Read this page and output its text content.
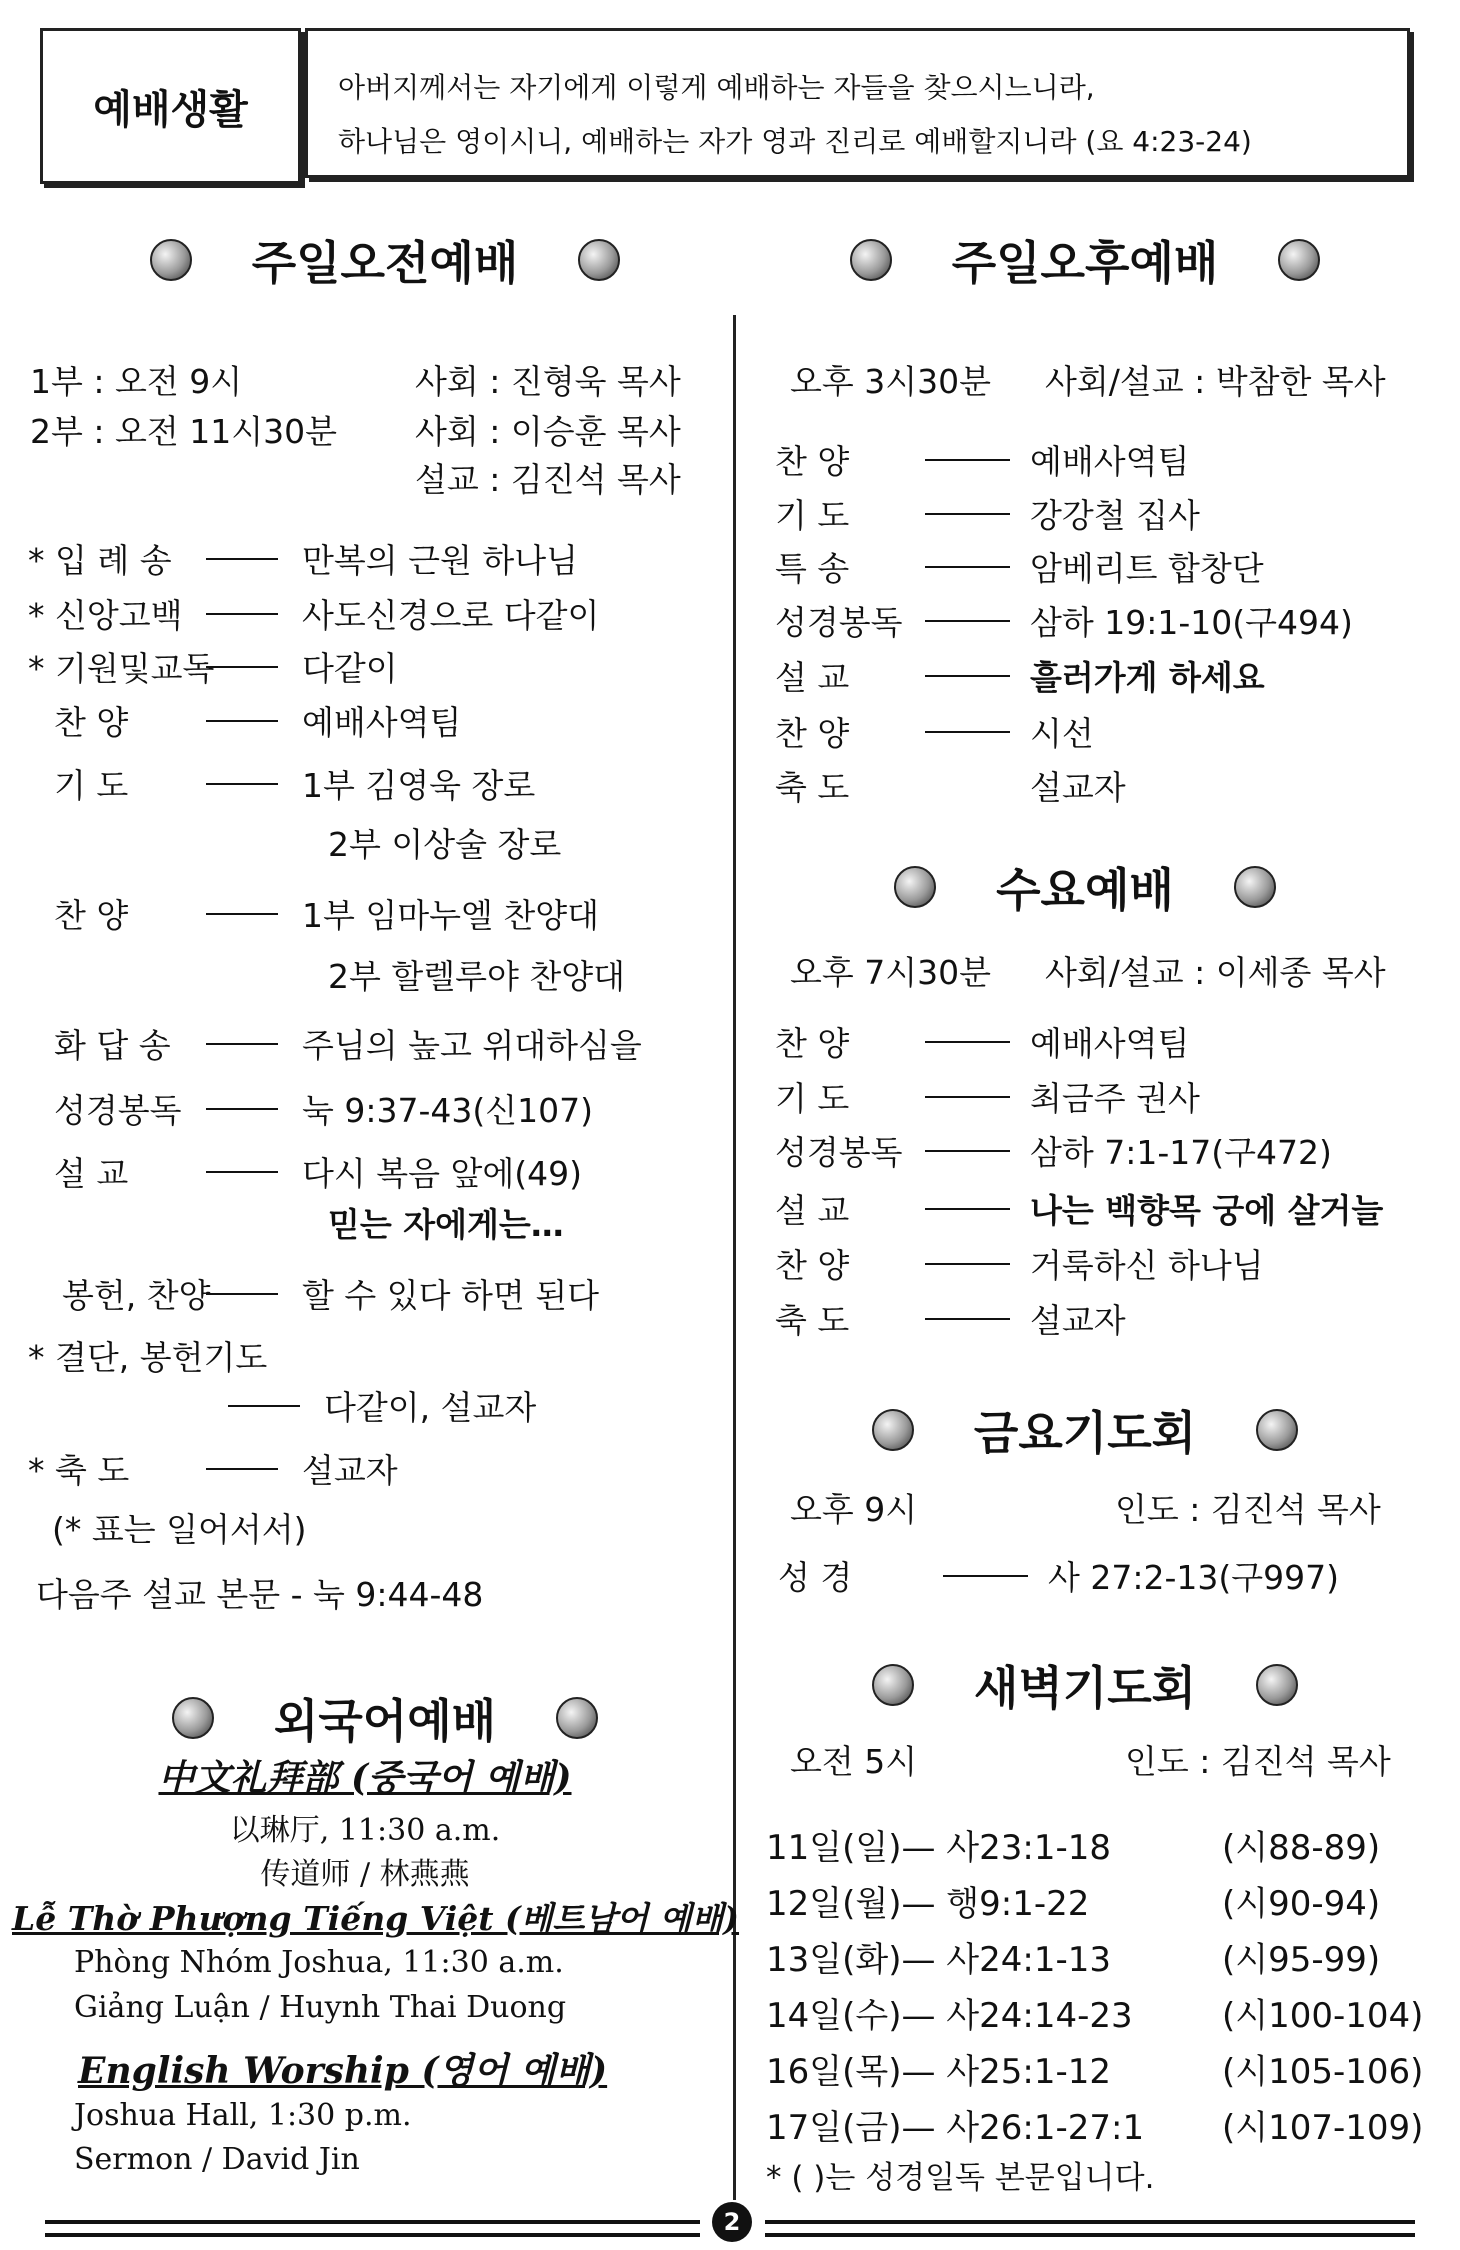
예배생활	아버지께서는 자기에게 이렇게 예배하는 자들을 찾으시느니라,
하나님은 영이시니, 예배하는 자가 영과 진리로 예배할지니라 (요 4:23-24)
주일오전예배
1부 : 오전 9시	사회 : 진형욱 목사
2부 : 오전 11시30분 사회 : 이승훈 목사
설교 : 김진석 목사
* 입 례 송	만복의 근원 하나님
* 신앙고백	사도신경으로 다같이
* 기원및교독	다같이
찬 양	예배사역팀
기 도	1부 김영욱 장로
2부 이상술 장로
찬 양	1부 임마누엘 찬양대
2부 할렐루야 찬양대
화 답 송	주님의 높고 위대하심을
성경봉독	눅 9:37-43(신107)
설 교	다시 복음 앞에(49)
믿는 자에게는…
봉헌, 찬양	할 수 있다 하면 된다
* 결단, 봉헌기도
다같이, 설교자
* 축 도	설교자
(* 표는 일어서서)
다음주 설교 본문 - 눅 9:44-48
외국어예배
中文礼拜部 (중국어 예배)
以琳厅, 11:30 a.m.
传道师 / 林燕燕
Lễ Thờ Phượng Tiếng Việt (베트남어 예배)
Phòng Nhóm Joshua, 11:30 a.m.
Giảng Luận / Huynh Thai Duong
English Worship (영어 예배)
Joshua Hall, 1:30 p.m.
Sermon / David Jin
주일오후예배
오후 3시30분 사회/설교 : 박참한 목사
찬 양	예배사역팀
기 도	강강철 집사
특 송	암베리트 합창단
성경봉독	삼하 19:1-10(구494)
설 교	흘러가게 하세요
찬 양	시선
축 도	설교자
수요예배
오후 7시30분 사회/설교 : 이세종 목사
찬 양	예배사역팀
기 도	최금주 권사
성경봉독	삼하 7:1-17(구472)
설 교	나는 백향목 궁에 살거늘
찬 양	거룩하신 하나님
축 도	설교자
금요기도회
오후 9시	인도 : 김진석 목사
성 경	사 27:2-13(구997)
새벽기도회
오전 5시	인도 : 김진석 목사
11일(일)— 사23:1-18	(시88-89)
12일(월)— 행9:1-22	(시90-94)
13일(화)— 사24:1-13	(시95-99)
14일(수)— 사24:14-23	(시100-104)
16일(목)— 사25:1-12	(시105-106)
17일(금)— 사26:1-27:1 (시107-109)
* ( )는 성경일독 본문입니다.
2
